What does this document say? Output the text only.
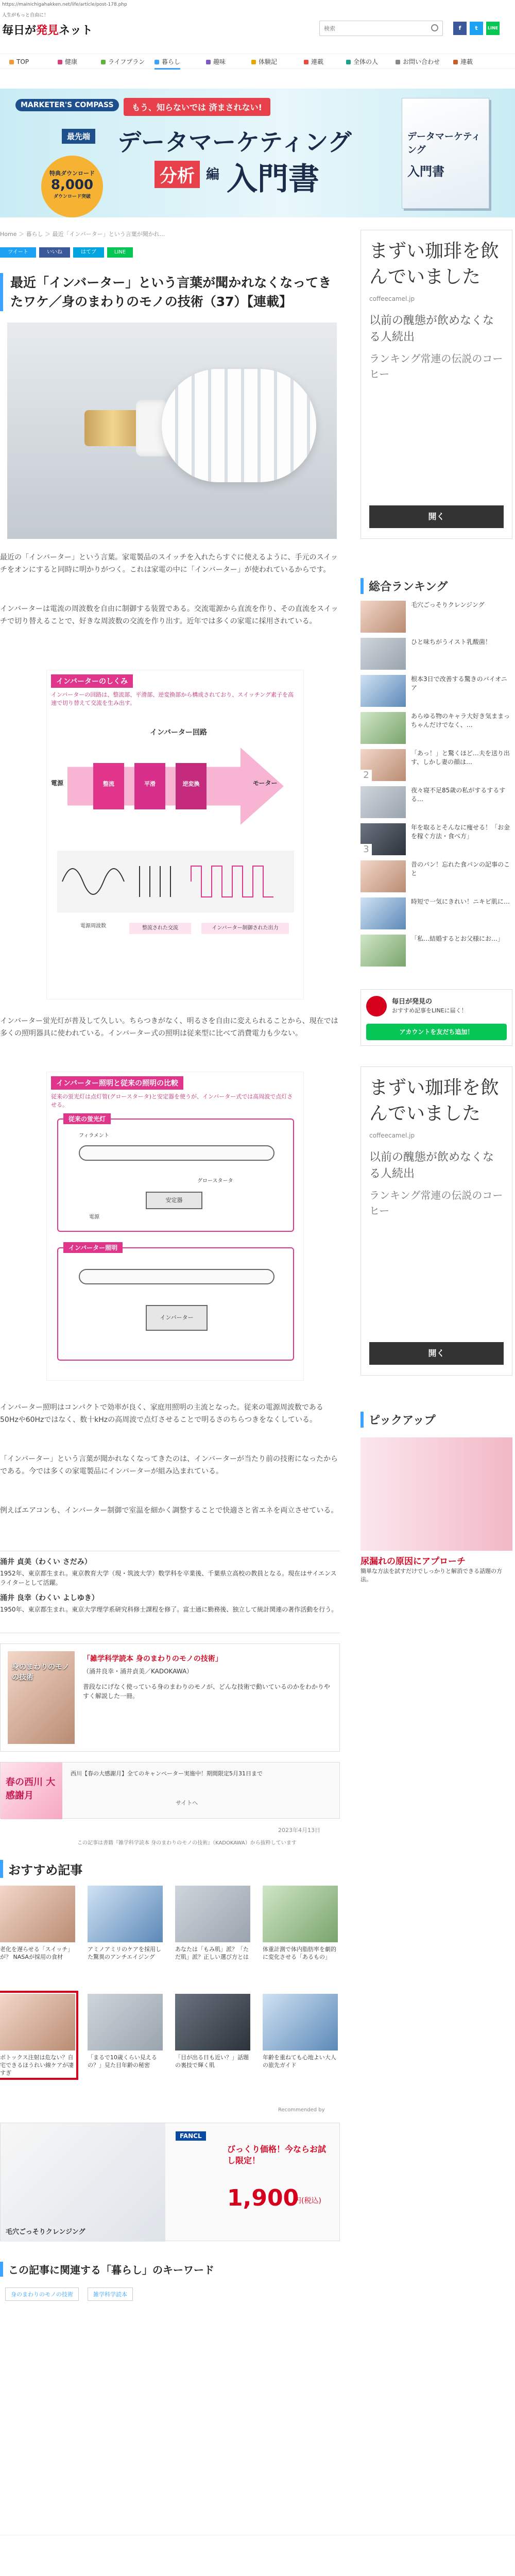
https://mainichigahakken.net/life/article/post-178.php
人生がもっと自由に！
毎日が発見ネット
検索	f	t	LINE
TOP	健康	ライフプラン	暮らし	趣味	体験記	連載	全体の人	お問い合わせ	連載
MARKETER'S COMPASS	もう、知らないでは 済まされない!
最先端 データマーケティング
分析 編 入門書
特典ダウンロード
8,000
ダウンロード突破
データマーケティング
入門書
Home ＞ 暮らし ＞ 最近「インバーター」という言葉が聞かれ...
ツイート	いいね	はてブ	LINE
最近「インバーター」という言葉が聞かれなくなってきたワケ／身のまわりのモノの技術（37）【連載】
最近の「インバーター」という言葉。家電製品のスイッチを入れたらすぐに使えるように、手元のスイッチをオンにすると同時に明かりがつく。これは家電の中に「インバーター」が使われているからです。
インバーターは電流の周波数を自由に制御する装置である。交流電源から直流を作り、その直流をスイッチで切り替えることで、好きな周波数の交流を作り出す。近年では多くの家電に採用されている。
インバーターのしくみ
インバーターの回路は、整流部、平滑部、逆変換部から構成されており、スイッチング素子を高速で切り替えて交流を生み出す。
インバーター回路
整流	平滑	逆変換
電源	モーター
電源周波数	整流された交流	インバーター制御された出力
インバーター蛍光灯が普及して久しい。ちらつきがなく、明るさを自由に変えられることから、現在では多くの照明器具に使われている。インバーター式の照明は従来型に比べて消費電力も少ない。
インバーター照明と従来の照明の比較
従来の蛍光灯は点灯管(グロースタータ)と安定器を使うが、インバーター式では高周波で点灯させる。
従来の蛍光灯
フィラメント
グロースタータ
安定器
電源
インバーター照明
インバーター
インバーター照明はコンパクトで効率が良く、家庭用照明の主流となった。従来の電源周波数である50Hzや60Hzではなく、数十kHzの高周波で点灯させることで明るさのちらつきをなくしている。
「インバーター」という言葉が聞かれなくなってきたのは、インバーターが当たり前の技術になったからである。今では多くの家電製品にインバーターが組み込まれている。
例えばエアコンも、インバーター制御で室温を細かく調整することで快適さと省エネを両立させている。
涌井 貞美（わくい さだみ）
1952年、東京都生まれ。東京教育大学（現・筑波大学）数学科を卒業後、千葉県立高校の教員となる。現在はサイエンスライターとして活躍。
涌井 良幸（わくい よしゆき）
1950年、東京都生まれ。東京大学理学系研究科修士課程を修了。富士通に勤務後、独立して統計関連の著作活動を行う。
身のまわりのモノの技術
「雑学科学読本 身のまわりのモノの技術」
（涌井良幸・涌井貞美／KADOKAWA）
普段なにげなく使っている身のまわりのモノが、どんな技術で動いているのかをわかりやすく解説した一冊。
春の西川 大感謝月
西川【春の大感謝月】全てのキャンペーター実施中！期間限定5月31日まで
サイトへ
2023年4月13日
この記事は書籍『雑学科学読本 身のまわりのモノの技術』（KADOKAWA）から抜粋しています
おすすめ記事
老化を遅らせる「スイッチ」が？ NASAが採用の食材
アミノアミリのケアを採用した驚異のアンチエイジング
あなたは「もみ肌」派？「ただ肌」派？正しい選び方とは
体重計測で体内脂肪率を劇的に変化させる「あるもの」
ボトックス注射は危ない？自宅できるほうれい線ケアが凄すぎ
「まるで10歳くらい見えるの？」見た目年齢の秘密
「目が出る日も近い？」話題の裏技で輝く肌
年齢を重ねても心地よい大人の旅先ガイド
Recommended by
毛穴ごっそりクレンジング
FANCL
びっくり価格！今ならお試し限定！
1,900
円(税込)
この記事に関連する「暮らし」のキーワード
身のまわりのモノの技術	雑学科学読本
まずい珈琲を飲んでいました
coffeecamel.jp
以前の醜態が飲めなくなる人続出
ランキング常連の伝説のコーヒー
開く
総合ランキング
毛穴ごっそりクレンジング
ひと味ちがうイスト乳酸菌！
根本3日で改善する驚きのバイオニア
あらゆる物のキャラ大好き気ままっちゃんだけでなく、…
2
「あっ！」と驚くほど…夫を送り出す、しかし妻の顔は…
夜々寝不足85歳の私がするするする…
3
年を取るとそんなに痩せる！「お金を稼ぐ方法・食べ方」
昔のパン！忘れた食パンの記事のこと
時短で一気にきれい！ニキビ肌に…
「私…結婚するとお父様にお…」
毎日が発見の
おすすめ記事をLINEに届く！
アカウントを友だち追加！
まずい珈琲を飲んでいました
coffeecamel.jp
以前の醜態が飲めなくなる人続出
ランキング常連の伝説のコーヒー
開く
ピックアップ
尿漏れの原因にアプローチ
簡単な方法を試すだけでしっかりと解消できる話題の方法。
